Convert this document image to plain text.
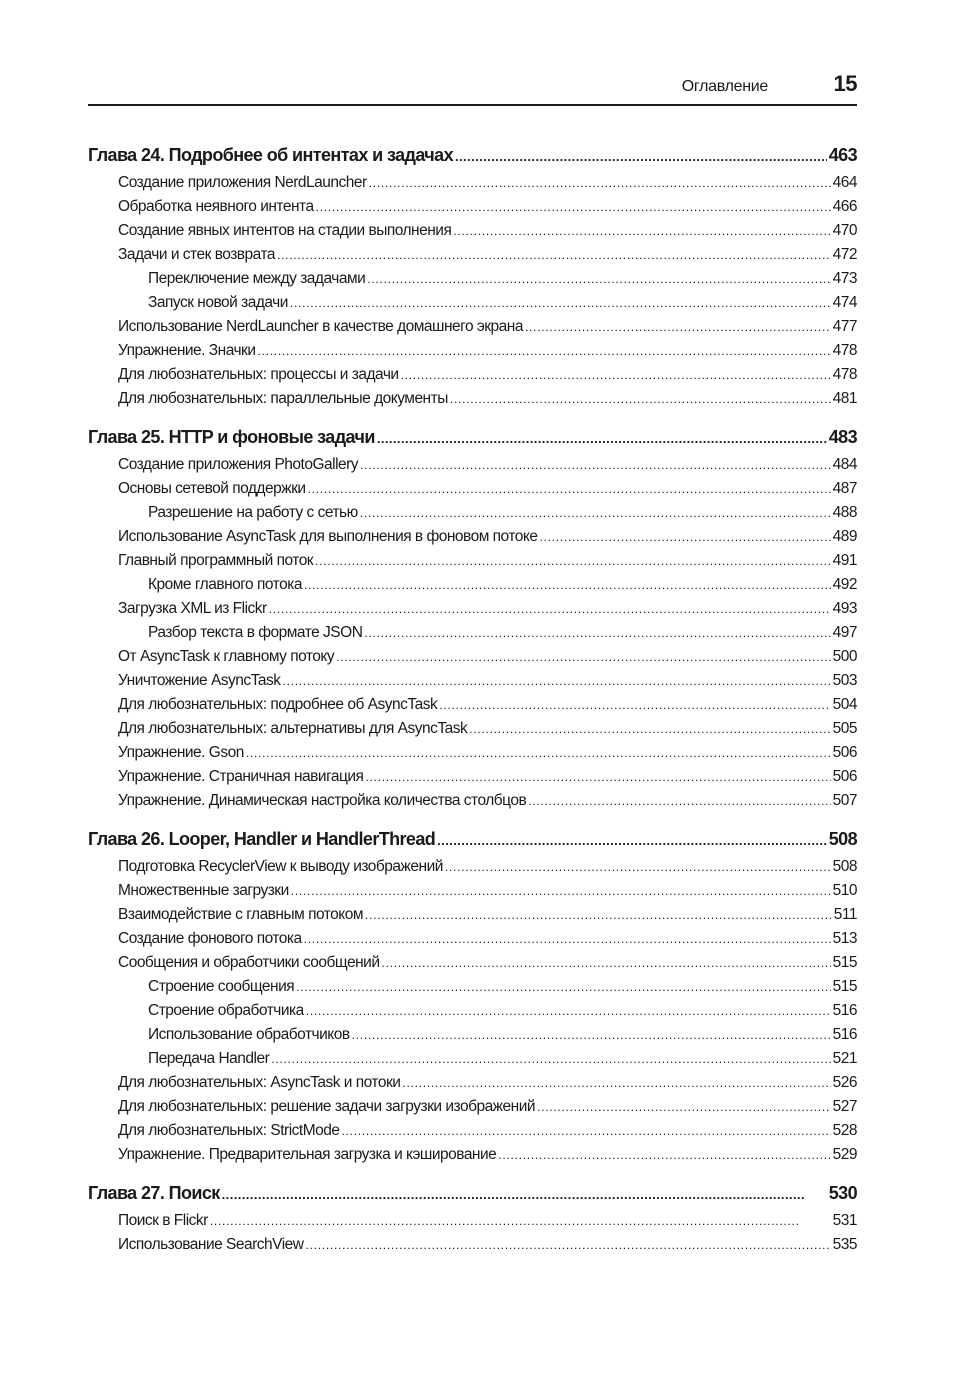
Оглавление	15
Глава 24. Подробнее об интентах и задачах . . .	463
Создание приложения NerdLauncher . . .	464
Обработка неявного интента . . .	466
Создание явных интентов на стадии выполнения . . .	470
Задачи и стек возврата . . .	472
Переключение между задачами . . .	473
Запуск новой задачи . . .	474
Использование NerdLauncher в качестве домашнего экрана . . .	477
Упражнение. Значки . . .	478
Для любознательных: процессы и задачи . . .	478
Для любознательных: параллельные документы . . .	481
Глава 25. HTTP и фоновые задачи . . .	483
Создание приложения PhotoGallery . . .	484
Основы сетевой поддержки . . .	487
Разрешение на работу с сетью . . .	488
Использование AsyncTask для выполнения в фоновом потоке . . .	489
Главный программный поток . . .	491
Кроме главного потока . . .	492
Загрузка XML из Flickr . . .	493
Разбор текста в формате JSON . . .	497
От AsyncTask к главному потоку . . .	500
Уничтожение AsyncTask . . .	503
Для любознательных: подробнее об AsyncTask . . .	504
Для любознательных: альтернативы для AsyncTask . . .	505
Упражнение. Gson . . .	506
Упражнение. Страничная навигация . . .	506
Упражнение. Динамическая настройка количества столбцов . . .	507
Глава 26. Looper, Handler и HandlerThread . . .	508
Подготовка RecyclerView к выводу изображений . . .	508
Множественные загрузки . . .	510
Взаимодействие с главным потоком . . .	511
Создание фонового потока . . .	513
Сообщения и обработчики сообщений . . .	515
Строение сообщения . . .	515
Строение обработчика . . .	516
Использование обработчиков . . .	516
Передача Handler . . .	521
Для любознательных: AsyncTask и потоки . . .	526
Для любознательных: решение задачи загрузки изображений . . .	527
Для любознательных: StrictMode . . .	528
Упражнение. Предварительная загрузка и кэширование . . .	529
Глава 27. Поиск . . .	530
Поиск в Flickr . . .	531
Использование SearchView . . .	535
